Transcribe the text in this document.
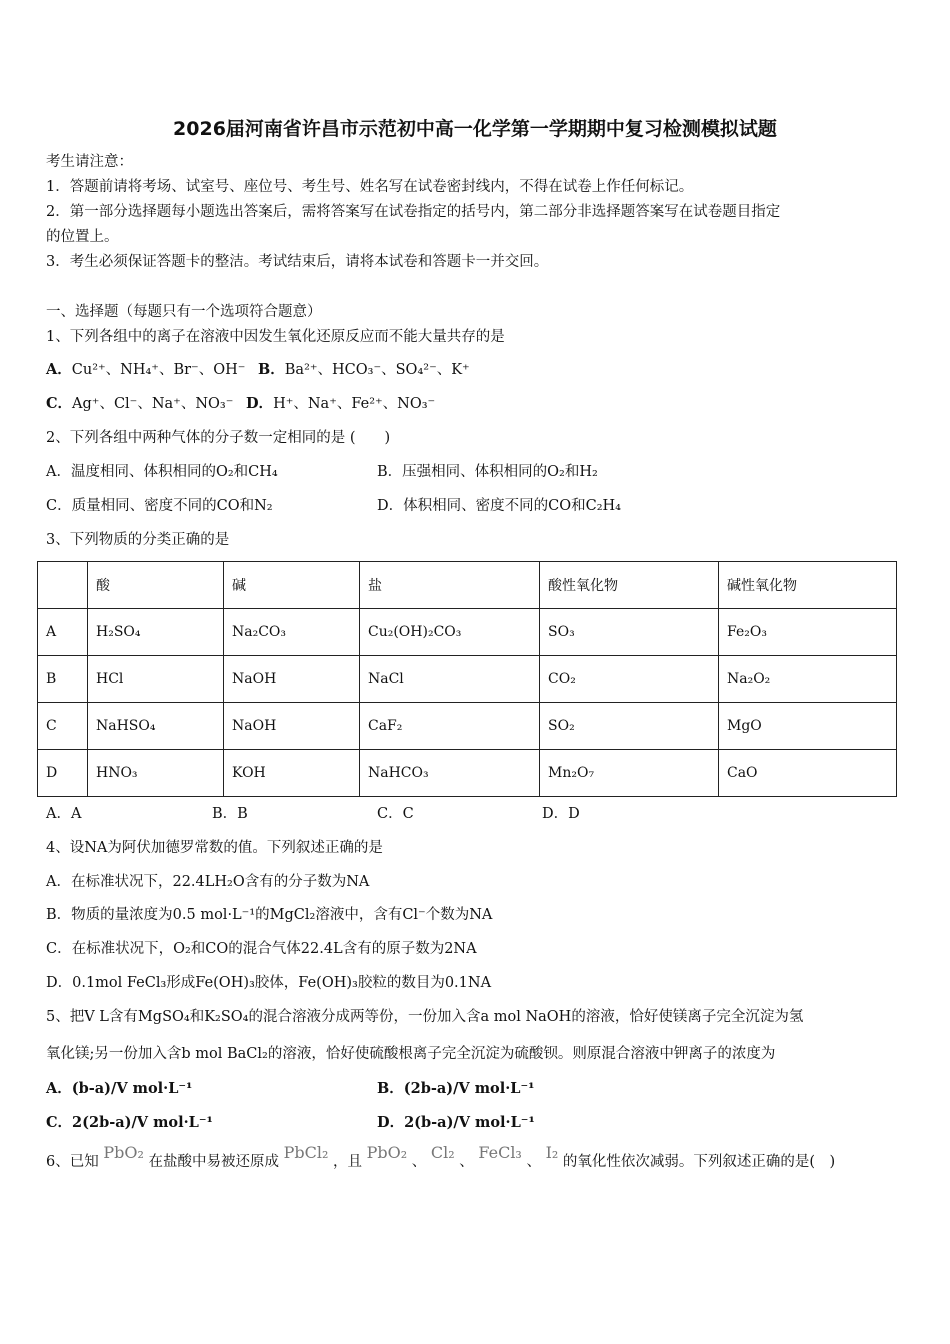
2026届河南省许昌市示范初中高一化学第一学期期中复习检测模拟试题
考生请注意：
1．答题前请将考场、试室号、座位号、考生号、姓名写在试卷密封线内，不得在试卷上作任何标记。
2．第一部分选择题每小题选出答案后，需将答案写在试卷指定的括号内，第二部分非选择题答案写在试卷题目指定
的位置上。
3．考生必须保证答题卡的整洁。考试结束后，请将本试卷和答题卡一并交回。
一、选择题（每题只有一个选项符合题意）
1、下列各组中的离子在溶液中因发生氧化还原反应而不能大量共存的是
A．Cu²⁺、NH₄⁺、Br⁻、OH⁻ B．Ba²⁺、HCO₃⁻、SO₄²⁻、K⁺
C．Ag⁺、Cl⁻、Na⁺、NO₃⁻ D．H⁺、Na⁺、Fe²⁺、NO₃⁻
2、下列各组中两种气体的分子数一定相同的是 (　　)
A．温度相同、体积相同的O₂和CH₄	B．压强相同、体积相同的O₂和H₂
C．质量相同、密度不同的CO和N₂	D．体积相同、密度不同的CO和C₂H₄
3、下列物质的分类正确的是
	酸	碱	盐	酸性氧化物	碱性氧化物
A	H₂SO₄	Na₂CO₃	Cu₂(OH)₂CO₃	SO₃	Fe₂O₃
B	HCl	NaOH	NaCl	CO₂	Na₂O₂
C	NaHSO₄	NaOH	CaF₂	SO₂	MgO
D	HNO₃	KOH	NaHCO₃	Mn₂O₇	CaO
A．A	B．B	C．C	D．D
4、设NA为阿伏加德罗常数的值。下列叙述正确的是
A．在标准状况下，22.4LH₂O含有的分子数为NA
B．物质的量浓度为0.5 mol·L⁻¹的MgCl₂溶液中，含有Cl⁻个数为NA
C．在标准状况下，O₂和CO的混合气体22.4L含有的原子数为2NA
D．0.1mol FeCl₃形成Fe(OH)₃胶体，Fe(OH)₃胶粒的数目为0.1NA
5、把V L含有MgSO₄和K₂SO₄的混合溶液分成两等份，一份加入含a mol NaOH的溶液，恰好使镁离子完全沉淀为氢
氧化镁;另一份加入含b mol BaCl₂的溶液，恰好使硫酸根离子完全沉淀为硫酸钡。则原混合溶液中钾离子的浓度为
A．(b-a)/V mol·L⁻¹	B．(2b-a)/V mol·L⁻¹
C．2(2b-a)/V mol·L⁻¹	D．2(b-a)/V mol·L⁻¹
6、已知 PbO₂ 在盐酸中易被还原成 PbCl₂ ，且 PbO₂ 、 Cl₂ 、 FeCl₃ 、 I₂ 的氧化性依次减弱。下列叙述正确的是(　)
